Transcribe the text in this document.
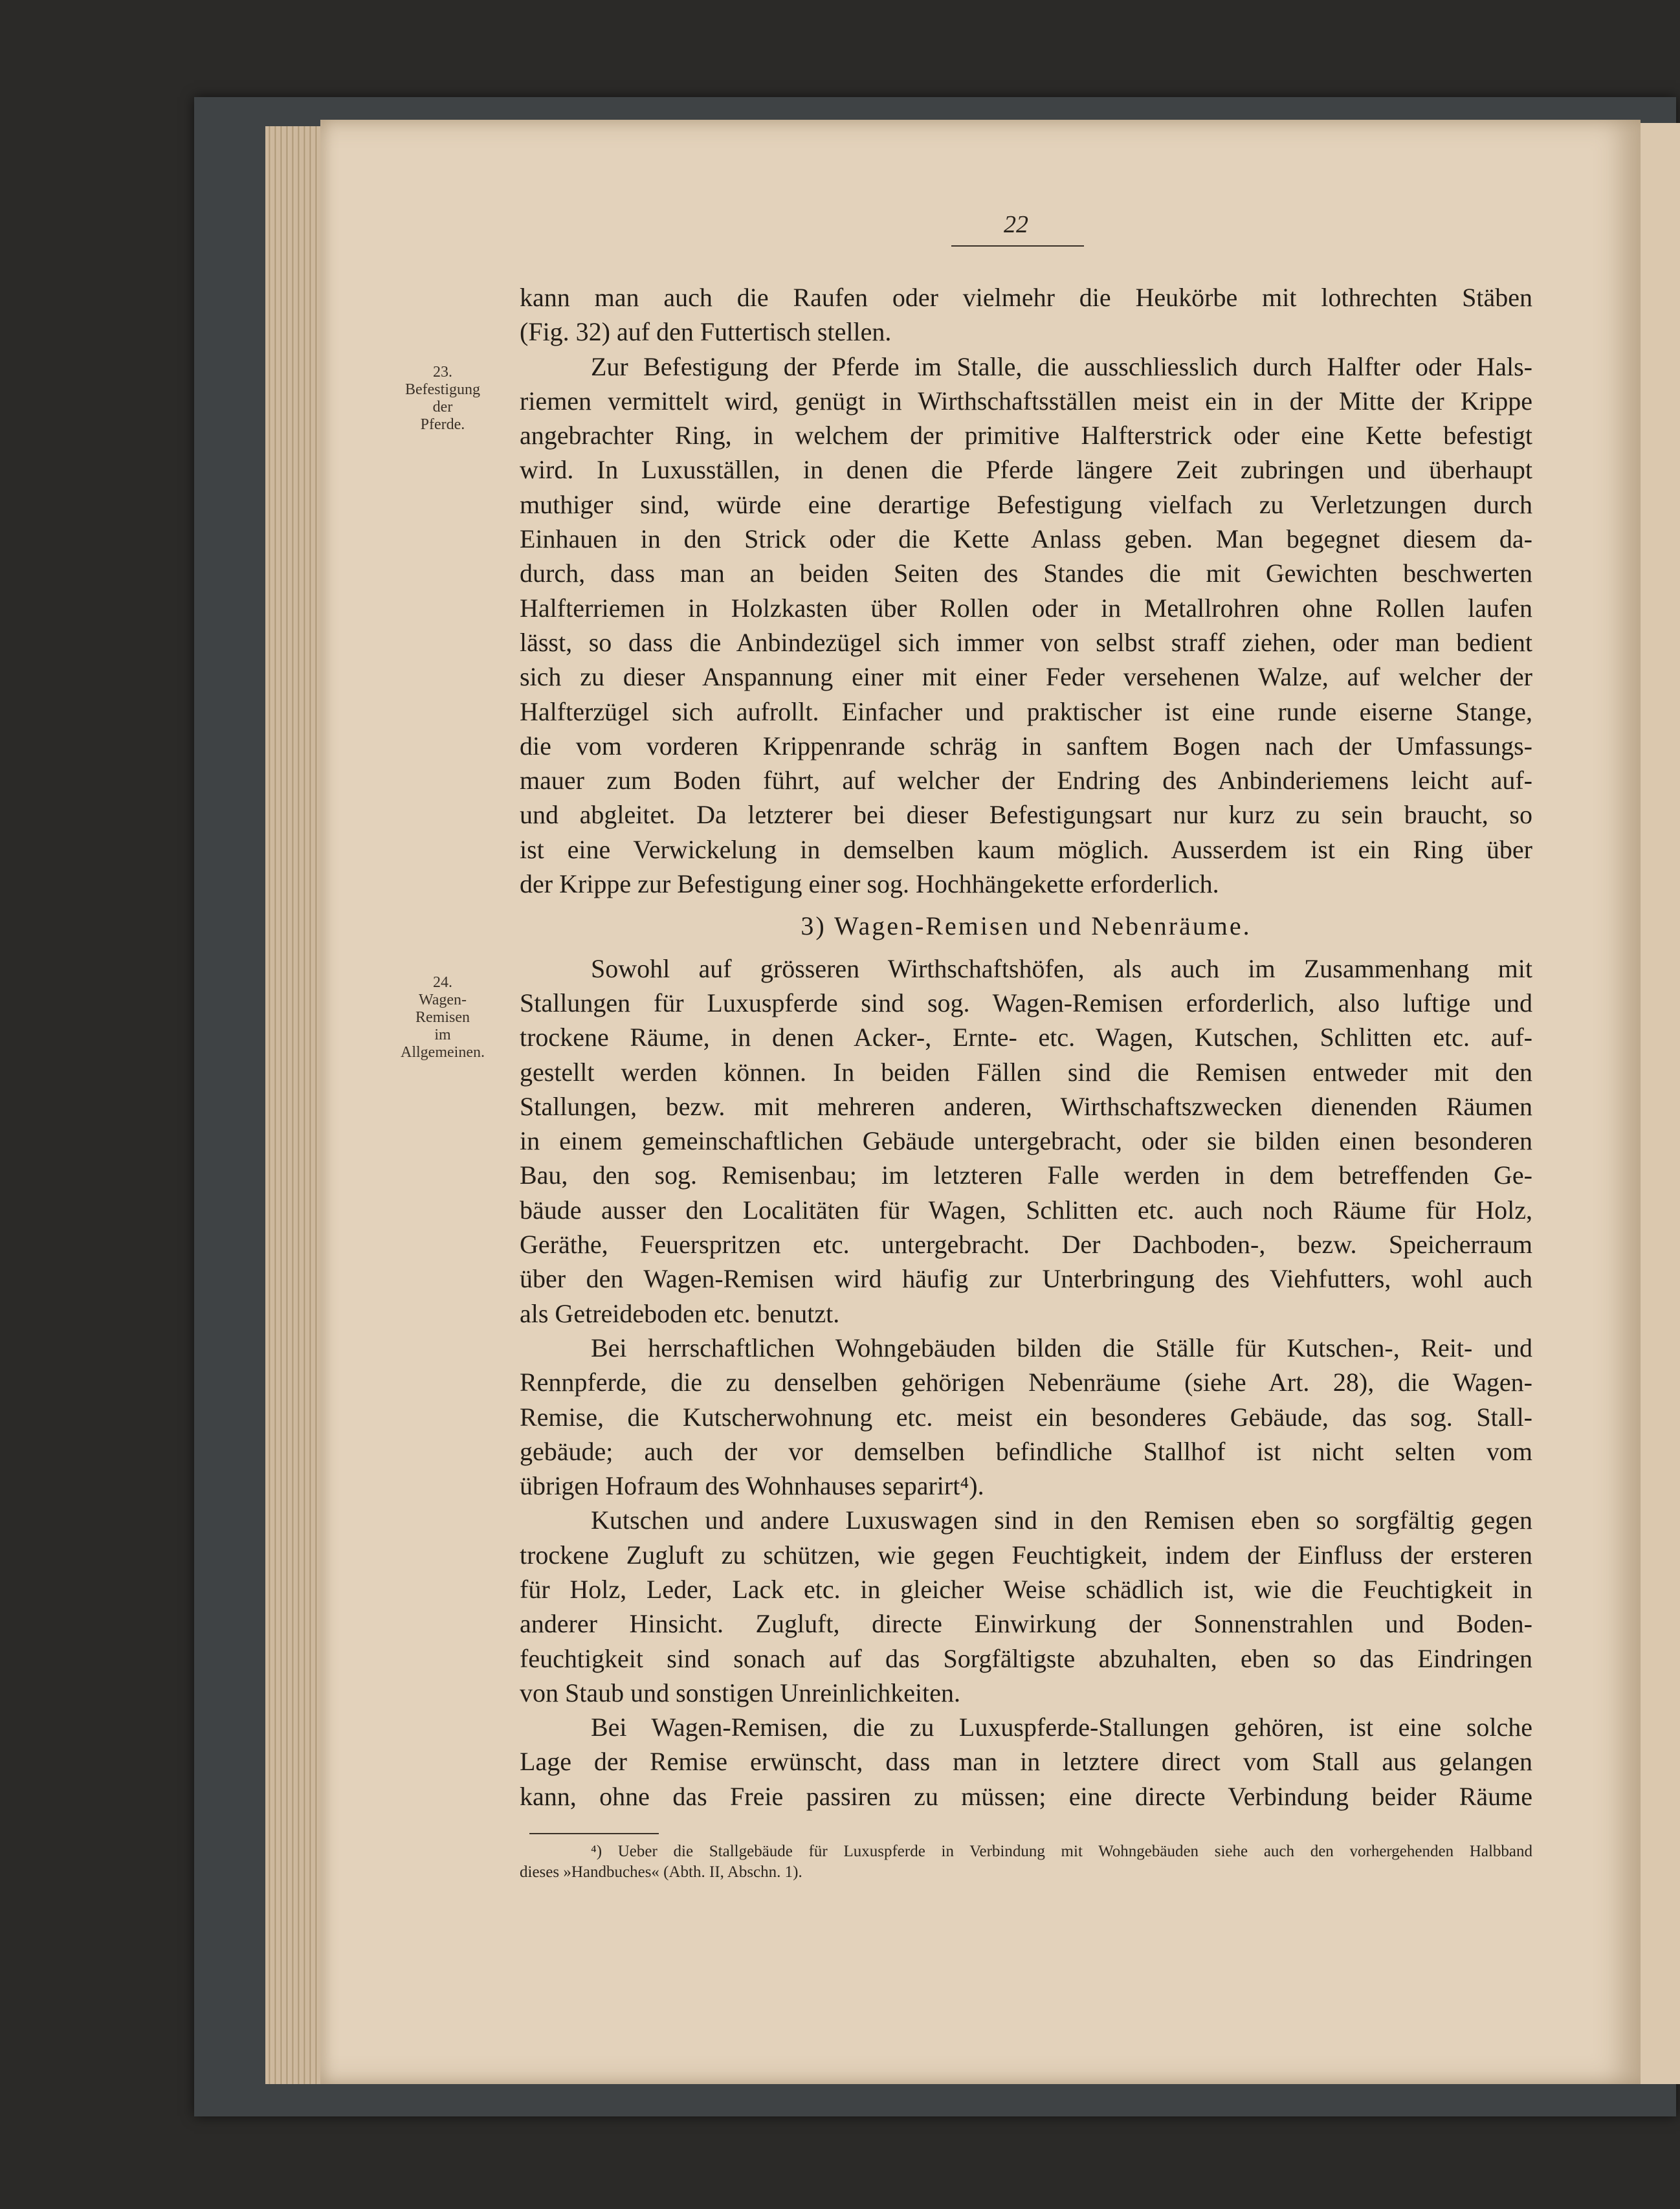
22
23.
Befestigung
der
Pferde.
24.
Wagen-
Remisen
im
Allgemeinen.
kann man auch die Raufen oder vielmehr die Heukörbe mit lothrechten Stäben
(Fig. 32) auf den Futtertisch stellen.
Zur Befestigung der Pferde im Stalle, die ausschliesslich durch Halfter oder Hals-
riemen vermittelt wird, genügt in Wirthschaftsställen meist ein in der Mitte der Krippe
angebrachter Ring, in welchem der primitive Halfterstrick oder eine Kette befestigt
wird. In Luxusställen, in denen die Pferde längere Zeit zubringen und überhaupt
muthiger sind, würde eine derartige Befestigung vielfach zu Verletzungen durch
Einhauen in den Strick oder die Kette Anlass geben. Man begegnet diesem da-
durch, dass man an beiden Seiten des Standes die mit Gewichten beschwerten
Halfterriemen in Holzkasten über Rollen oder in Metallrohren ohne Rollen laufen
lässt, so dass die Anbindezügel sich immer von selbst straff ziehen, oder man bedient
sich zu dieser Anspannung einer mit einer Feder versehenen Walze, auf welcher der
Halfterzügel sich aufrollt. Einfacher und praktischer ist eine runde eiserne Stange,
die vom vorderen Krippenrande schräg in sanftem Bogen nach der Umfassungs-
mauer zum Boden führt, auf welcher der Endring des Anbinderiemens leicht auf-
und abgleitet. Da letzterer bei dieser Befestigungsart nur kurz zu sein braucht, so
ist eine Verwickelung in demselben kaum möglich. Ausserdem ist ein Ring über
der Krippe zur Befestigung einer sog. Hochhängekette erforderlich.
3) Wagen-Remisen und Nebenräume.
Sowohl auf grösseren Wirthschaftshöfen, als auch im Zusammenhang mit
Stallungen für Luxuspferde sind sog. Wagen-Remisen erforderlich, also luftige und
trockene Räume, in denen Acker-, Ernte- etc. Wagen, Kutschen, Schlitten etc. auf-
gestellt werden können. In beiden Fällen sind die Remisen entweder mit den
Stallungen, bezw. mit mehreren anderen, Wirthschaftszwecken dienenden Räumen
in einem gemeinschaftlichen Gebäude untergebracht, oder sie bilden einen besonderen
Bau, den sog. Remisenbau; im letzteren Falle werden in dem betreffenden Ge-
bäude ausser den Localitäten für Wagen, Schlitten etc. auch noch Räume für Holz,
Geräthe, Feuerspritzen etc. untergebracht. Der Dachboden-, bezw. Speicherraum
über den Wagen-Remisen wird häufig zur Unterbringung des Viehfutters, wohl auch
als Getreideboden etc. benutzt.
Bei herrschaftlichen Wohngebäuden bilden die Ställe für Kutschen-, Reit- und
Rennpferde, die zu denselben gehörigen Nebenräume (siehe Art. 28), die Wagen-
Remise, die Kutscherwohnung etc. meist ein besonderes Gebäude, das sog. Stall-
gebäude; auch der vor demselben befindliche Stallhof ist nicht selten vom
übrigen Hofraum des Wohnhauses separirt⁴).
Kutschen und andere Luxuswagen sind in den Remisen eben so sorgfältig gegen
trockene Zugluft zu schützen, wie gegen Feuchtigkeit, indem der Einfluss der ersteren
für Holz, Leder, Lack etc. in gleicher Weise schädlich ist, wie die Feuchtigkeit in
anderer Hinsicht. Zugluft, directe Einwirkung der Sonnenstrahlen und Boden-
feuchtigkeit sind sonach auf das Sorgfältigste abzuhalten, eben so das Eindringen
von Staub und sonstigen Unreinlichkeiten.
Bei Wagen-Remisen, die zu Luxuspferde-Stallungen gehören, ist eine solche
Lage der Remise erwünscht, dass man in letztere direct vom Stall aus gelangen
kann, ohne das Freie passiren zu müssen; eine directe Verbindung beider Räume
⁴) Ueber die Stallgebäude für Luxuspferde in Verbindung mit Wohngebäuden siehe auch den vorhergehenden Halbband
dieses »Handbuches« (Abth. II, Abschn. 1).
